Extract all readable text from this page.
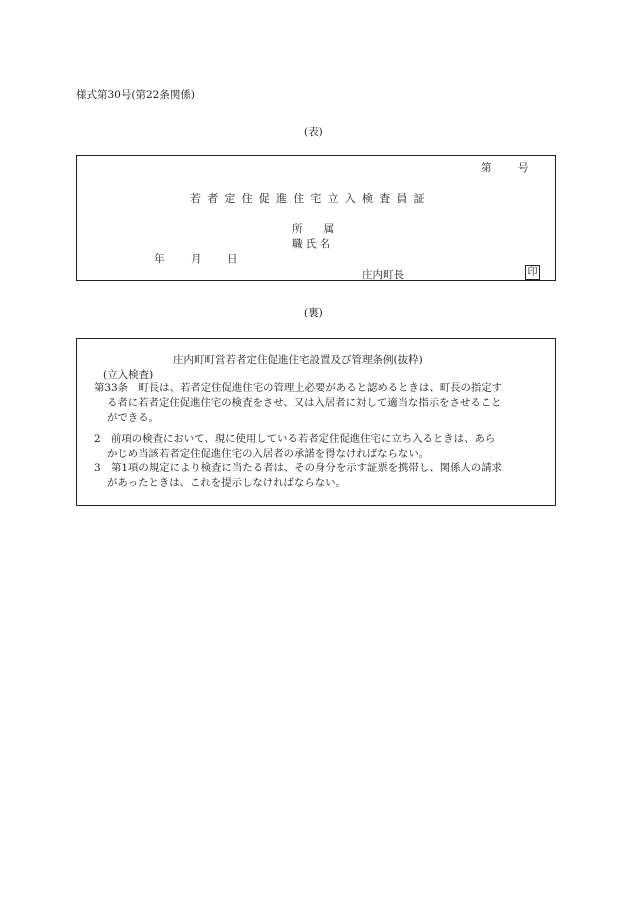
様式第30号(第22条関係)
(表)
第	号
若者定住促進住宅立入検査員証
所　　属
職 氏 名
年	月 日
庄内町長	印
(裏)
庄内町町営若者定住促進住宅設置及び管理条例(抜粋)
(立入検査)
第33条　町長は、若者定住促進住宅の管理上必要があると認めるときは、町長の指定す
る者に若者定住促進住宅の検査をさせ、又は入居者に対して適当な指示をさせること
ができる。
2　前項の検査において、現に使用している若者定住促進住宅に立ち入るときは、あら
かじめ当該若者定住促進住宅の入居者の承諾を得なければならない。
3　第1項の規定により検査に当たる者は、その身分を示す証票を携帯し、関係人の請求
があったときは、これを提示しなければならない。
